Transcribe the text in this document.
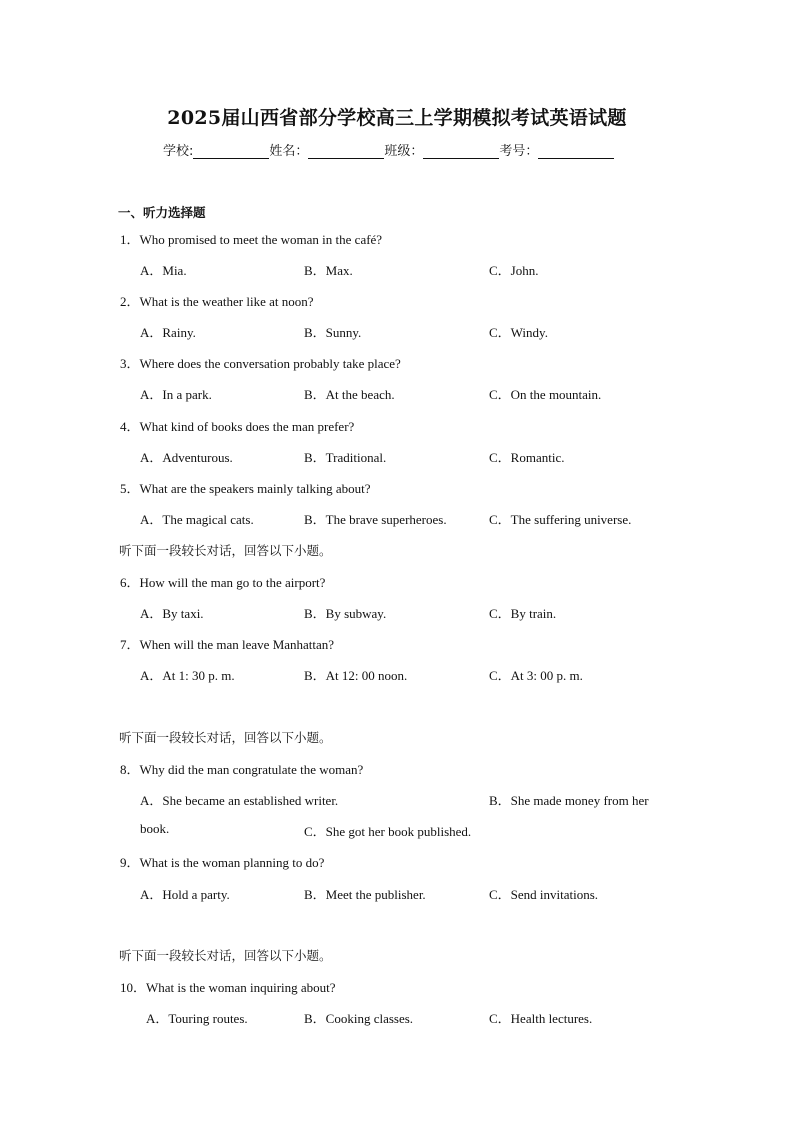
2025届山西省部分学校高三上学期模拟考试英语试题
学校:	姓名：	班级：	考号：
一、听力选择题
1．Who promised to meet the woman in the café?
A．Mia.	B．Max.	C．John.
2．What is the weather like at noon?
A．Rainy.	B．Sunny.	C．Windy.
3．Where does the conversation probably take place?
A．In a park.	B．At the beach.	C．On the mountain.
4．What kind of books does the man prefer?
A．Adventurous.	B．Traditional.	C．Romantic.
5．What are the speakers mainly talking about?
A．The magical cats.	B．The brave superheroes.	C．The suffering universe.
听下面一段较长对话，回答以下小题。
6．How will the man go to the airport?
A．By taxi.	B．By subway.	C．By train.
7．When will the man leave Manhattan?
A．At 1: 30 p. m.	B．At 12: 00 noon.	C．At 3: 00 p. m.
听下面一段较长对话，回答以下小题。
8．Why did the man congratulate the woman?
A．She became an established writer.	B．She made money from her
book.	C．She got her book published.
9．What is the woman planning to do?
A．Hold a party.	B．Meet the publisher.	C．Send invitations.
听下面一段较长对话，回答以下小题。
10．What is the woman inquiring about?
A．Touring routes.	B．Cooking classes.	C．Health lectures.
